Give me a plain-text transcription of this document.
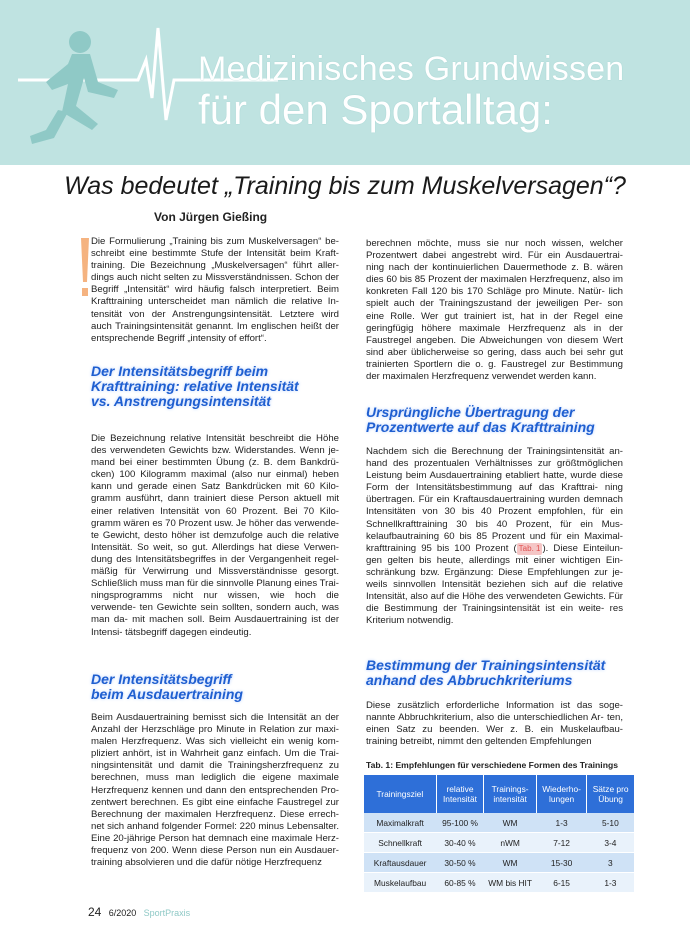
Medizinisches Grundwissen
für den Sportalltag:
Was bedeutet „Training bis zum Muskelversagen“?
Von Jürgen Gießing

Die Formulierung „Training bis zum Muskelversagen“ be- schreibt eine bestimmte Stufe der Intensität beim Kraft- training. Die Bezeichnung „Muskelversagen“ führt aller- dings auch nicht selten zu Missverständnissen. Schon der Begriff „Intensität“ wird häufig falsch interpretiert. Beim Krafttraining unterscheidet man nämlich die relative In- tensität von der Anstrengungsintensität. Letztere wird auch Trainingsintensität genannt. Im englischen heißt der entsprechende Begriff „intensity of effort“.

Der Intensitätsbegriff beim
Krafttraining: relative Intensität
vs. Anstrengungsintensität

Die Bezeichnung relative Intensität beschreibt die Höhe des verwendeten Gewichts bzw. Widerstandes. Wenn je- mand bei einer bestimmten Übung (z. B. dem Bankdrü- cken) 100 Kilogramm maximal (also nur einmal) heben kann und gerade einen Satz Bankdrücken mit 60 Kilo- gramm ausführt, dann trainiert diese Person aktuell mit einer relativen Intensität von 60 Prozent. Bei 70 Kilo- gramm wären es 70 Prozent usw. Je höher das verwende- te Gewicht, desto höher ist demzufolge auch die relative Intensität. So weit, so gut. Allerdings hat diese Verwen- dung des Intensitätsbegriffes in der Vergangenheit regel- mäßig für Verwirrung und Missverständnisse gesorgt. Schließlich muss man für die sinnvolle Planung eines Trai- ningsprogramms nicht nur wissen, wie hoch die verwende- ten Gewichte sein sollten, sondern auch, was man da- mit machen soll. Beim Ausdauertraining ist der Intensi- tätsbegriff dagegen eindeutig.

Der Intensitätsbegriff
beim Ausdauertraining

Beim Ausdauertraining bemisst sich die Intensität an der Anzahl der Herzschläge pro Minute in Relation zur maxi- malen Herzfrequenz. Was sich vielleicht ein wenig kom- pliziert anhört, ist in Wahrheit ganz einfach. Um die Trai- ningsintensität und damit die Trainingsherzfrequenz zu berechnen, muss man lediglich die eigene maximale Herzfrequenz kennen und dann den entsprechenden Pro- zentwert berechnen. Es gibt eine einfache Faustregel zur Berechnung der maximalen Herzfrequenz. Diese errech- net sich anhand folgender Formel: 220 minus Lebensalter. Eine 20-jährige Person hat demnach eine maximale Herz- frequenz von 200. Wenn diese Person nun ein Ausdauer- training absolvieren und die dafür nötige Herzfrequenz

berechnen möchte, muss sie nur noch wissen, welcher Prozentwert dabei angestrebt wird. Für ein Ausdauertrai- ning nach der kontinuierlichen Dauermethode z. B. wären dies 60 bis 85 Prozent der maximalen Herzfrequenz, also im konkreten Fall 120 bis 170 Schläge pro Minute. Natür- lich spielt auch der Trainingszustand der jeweiligen Per- son eine Rolle. Wer gut trainiert ist, hat in der Regel eine geringfügig höhere maximale Herzfrequenz als in der Faustregel angeben. Die Abweichungen von diesem Wert sind aber üblicherweise so gering, dass auch bei sehr gut trainierten Sportlern die o. g. Faustregel zur Bestimmung der maximalen Herzfrequenz verwendet werden kann.

Ursprüngliche Übertragung der
Prozentwerte auf das Krafttraining

Nachdem sich die Berechnung der Trainingsintensität an- hand des prozentualen Verhältnisses zur größtmöglichen Leistung beim Ausdauertraining etabliert hatte, wurde diese Form der Intensitätsbestimmung auf das Krafttrai- ning übertragen. Für ein Kraftausdauertraining wurden demnach Intensitäten von 30 bis 40 Prozent empfohlen, für ein Schnellkrafttraining 30 bis 40 Prozent, für ein Mus- kelaufbautraining 60 bis 85 Prozent und für ein Maximal- krafttraining 95 bis 100 Prozent ( Tab. 1 ). Diese Einteilun- gen gelten bis heute, allerdings mit einer wichtigen Ein- schränkung bzw. Ergänzung: Diese Empfehlungen zur je- weils sinnvollen Intensität beziehen sich auf die relative Intensität, also auf die Höhe des verwendeten Gewichts. Für die Bestimmung der Trainingsintensität ist ein weite- res Kriterium notwendig.

Bestimmung der Trainingsintensität
anhand des Abbruchkriteriums

Diese zusätzlich erforderliche Information ist das soge- nannte Abbruchkriterium, also die unterschiedlichen Ar- ten, einen Satz zu beenden. Wer z. B. ein Muskelaufbau- training betreibt, nimmt den geltenden Empfehlungen

Tab. 1: Empfehlungen für verschiedene Formen des Trainings
Trainingsziel	relative Intensität	Trainings-intensität	Wiederho-lungen	Sätze pro Übung
Maximalkraft	95-100 %	WM	1-3	5-10
Schnellkraft	30-40 %	nWM	7-12	3-4
Kraftausdauer	30-50 %	WM	15-30	3
Muskelaufbau	60-85 %	WM bis HIT	6-15	1-3
24 6/2020 SportPraxis
